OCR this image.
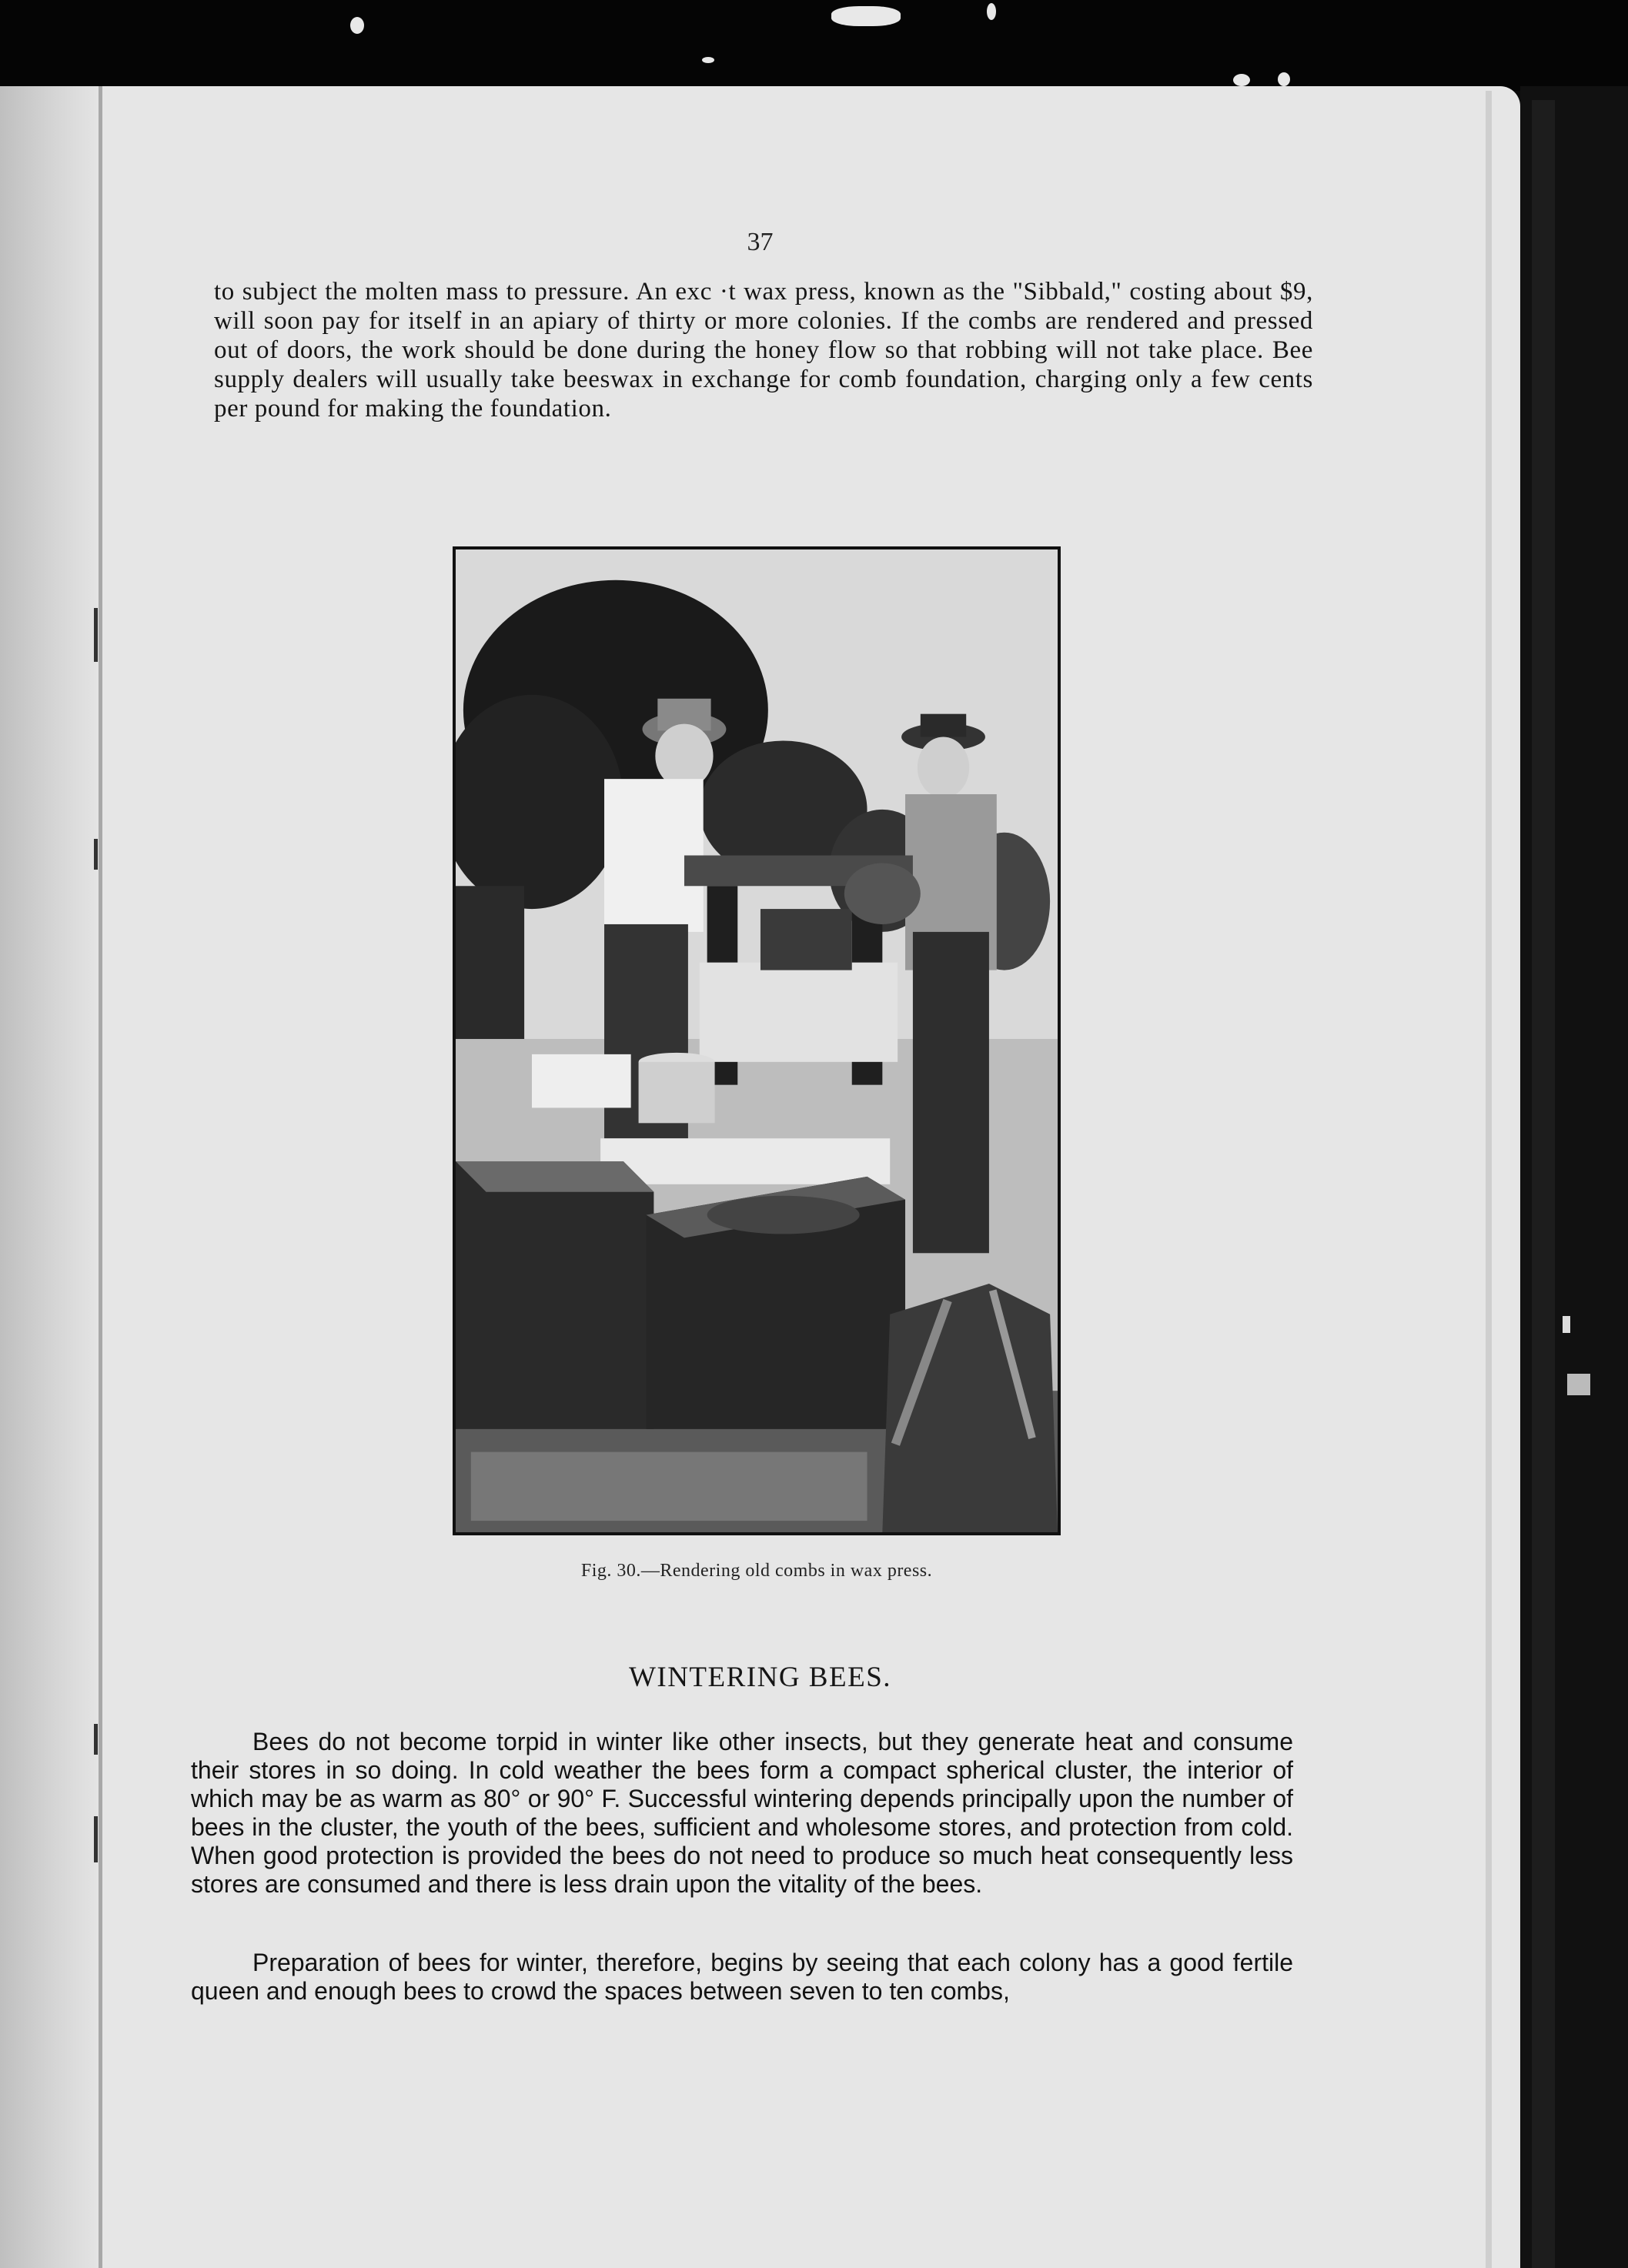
37

to subject the molten mass to pressure. An exc ·t wax press, known as the "Sibbald," costing about $9, will soon pay for itself in an apiary of thirty or more colonies. If the combs are rendered and pressed out of doors, the work should be done during the honey flow so that robbing will not take place. Bee supply dealers will usually take beeswax in exchange for comb foundation, charging only a few cents per pound for making the foundation.

Fig. 30.—Rendering old combs in wax press.
WINTERING BEES.

Bees do not become torpid in winter like other insects, but they generate heat and consume their stores in so doing. In cold weather the bees form a compact spherical cluster, the interior of which may be as warm as 80° or 90° F. Successful wintering depends principally upon the number of bees in the cluster, the youth of the bees, sufficient and wholesome stores, and protection from cold. When good protection is provided the bees do not need to produce so much heat consequently less stores are consumed and there is less drain upon the vitality of the bees.

Preparation of bees for winter, therefore, begins by seeing that each colony has a good fertile queen and enough bees to crowd the spaces between seven to ten combs,
